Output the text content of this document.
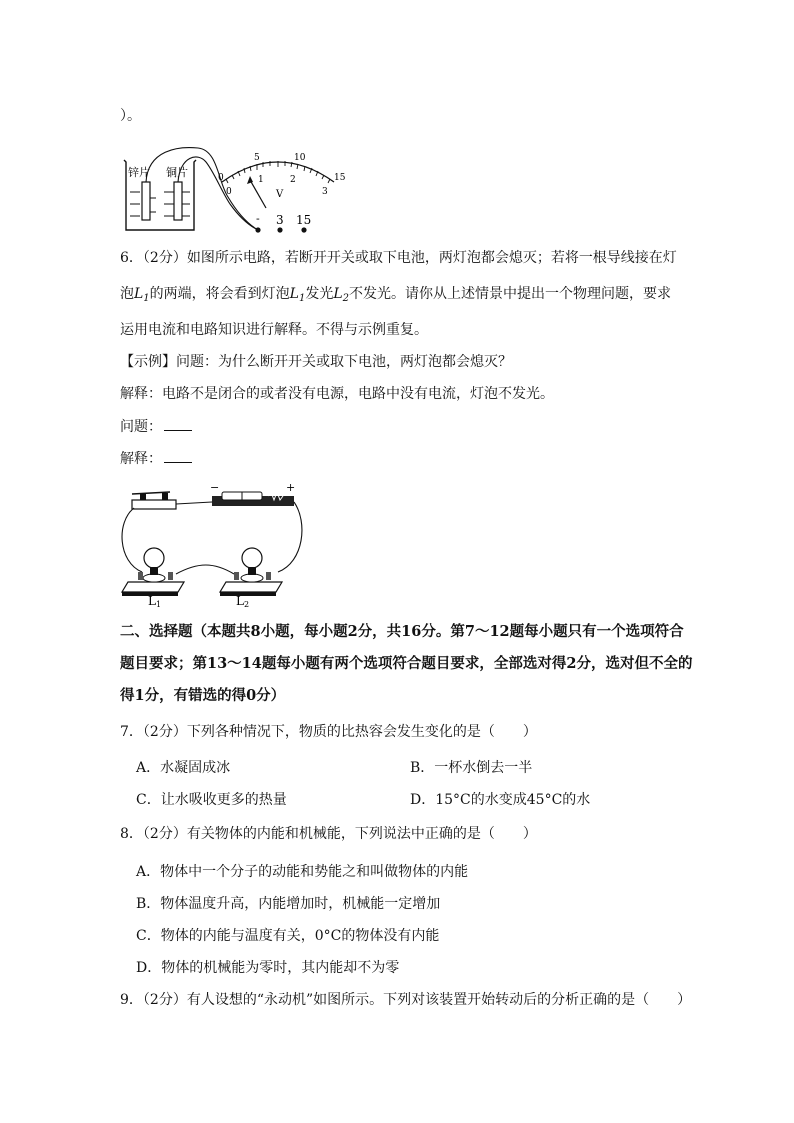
）。
锌片 铜片	0
5	10
15
0
1	2
3
V
- 3 15
6．（2分）如图所示电路，若断开开关或取下电池，两灯泡都会熄灭；若将一根导线接在灯
泡$L_1$的两端，将会看到灯泡$L_1$发光$L_2$不发光。请你从上述情景中提出一个物理问题，要求
运用电流和电路知识进行解释。不得与示例重复。
【示例】问题：为什么断开开关或取下电池，两灯泡都会熄灭？
解释：电路不是闭合的或者没有电源，电路中没有电流，灯泡不发光。
问题：
解释：
−	+
L1	L2
二、选择题（本题共8小题，每小题2分，共16分。第7～12题每小题只有一个选项符合
题目要求；第13～14题每小题有两个选项符合题目要求，全部选对得2分，选对但不全的
得1分，有错选的得0分）
7．（2分）下列各种情况下，物质的比热容会发生变化的是（　　）
A．水凝固成冰	B．一杯水倒去一半
C．让水吸收更多的热量	D．15°C的水变成45°C的水
8．（2分）有关物体的内能和机械能，下列说法中正确的是（　　）
A．物体中一个分子的动能和势能之和叫做物体的内能
B．物体温度升高，内能增加时，机械能一定增加
C．物体的内能与温度有关，0°C的物体没有内能
D．物体的机械能为零时，其内能却不为零
9．（2分）有人设想的“永动机”如图所示。下列对该装置开始转动后的分析正确的是（　　）
